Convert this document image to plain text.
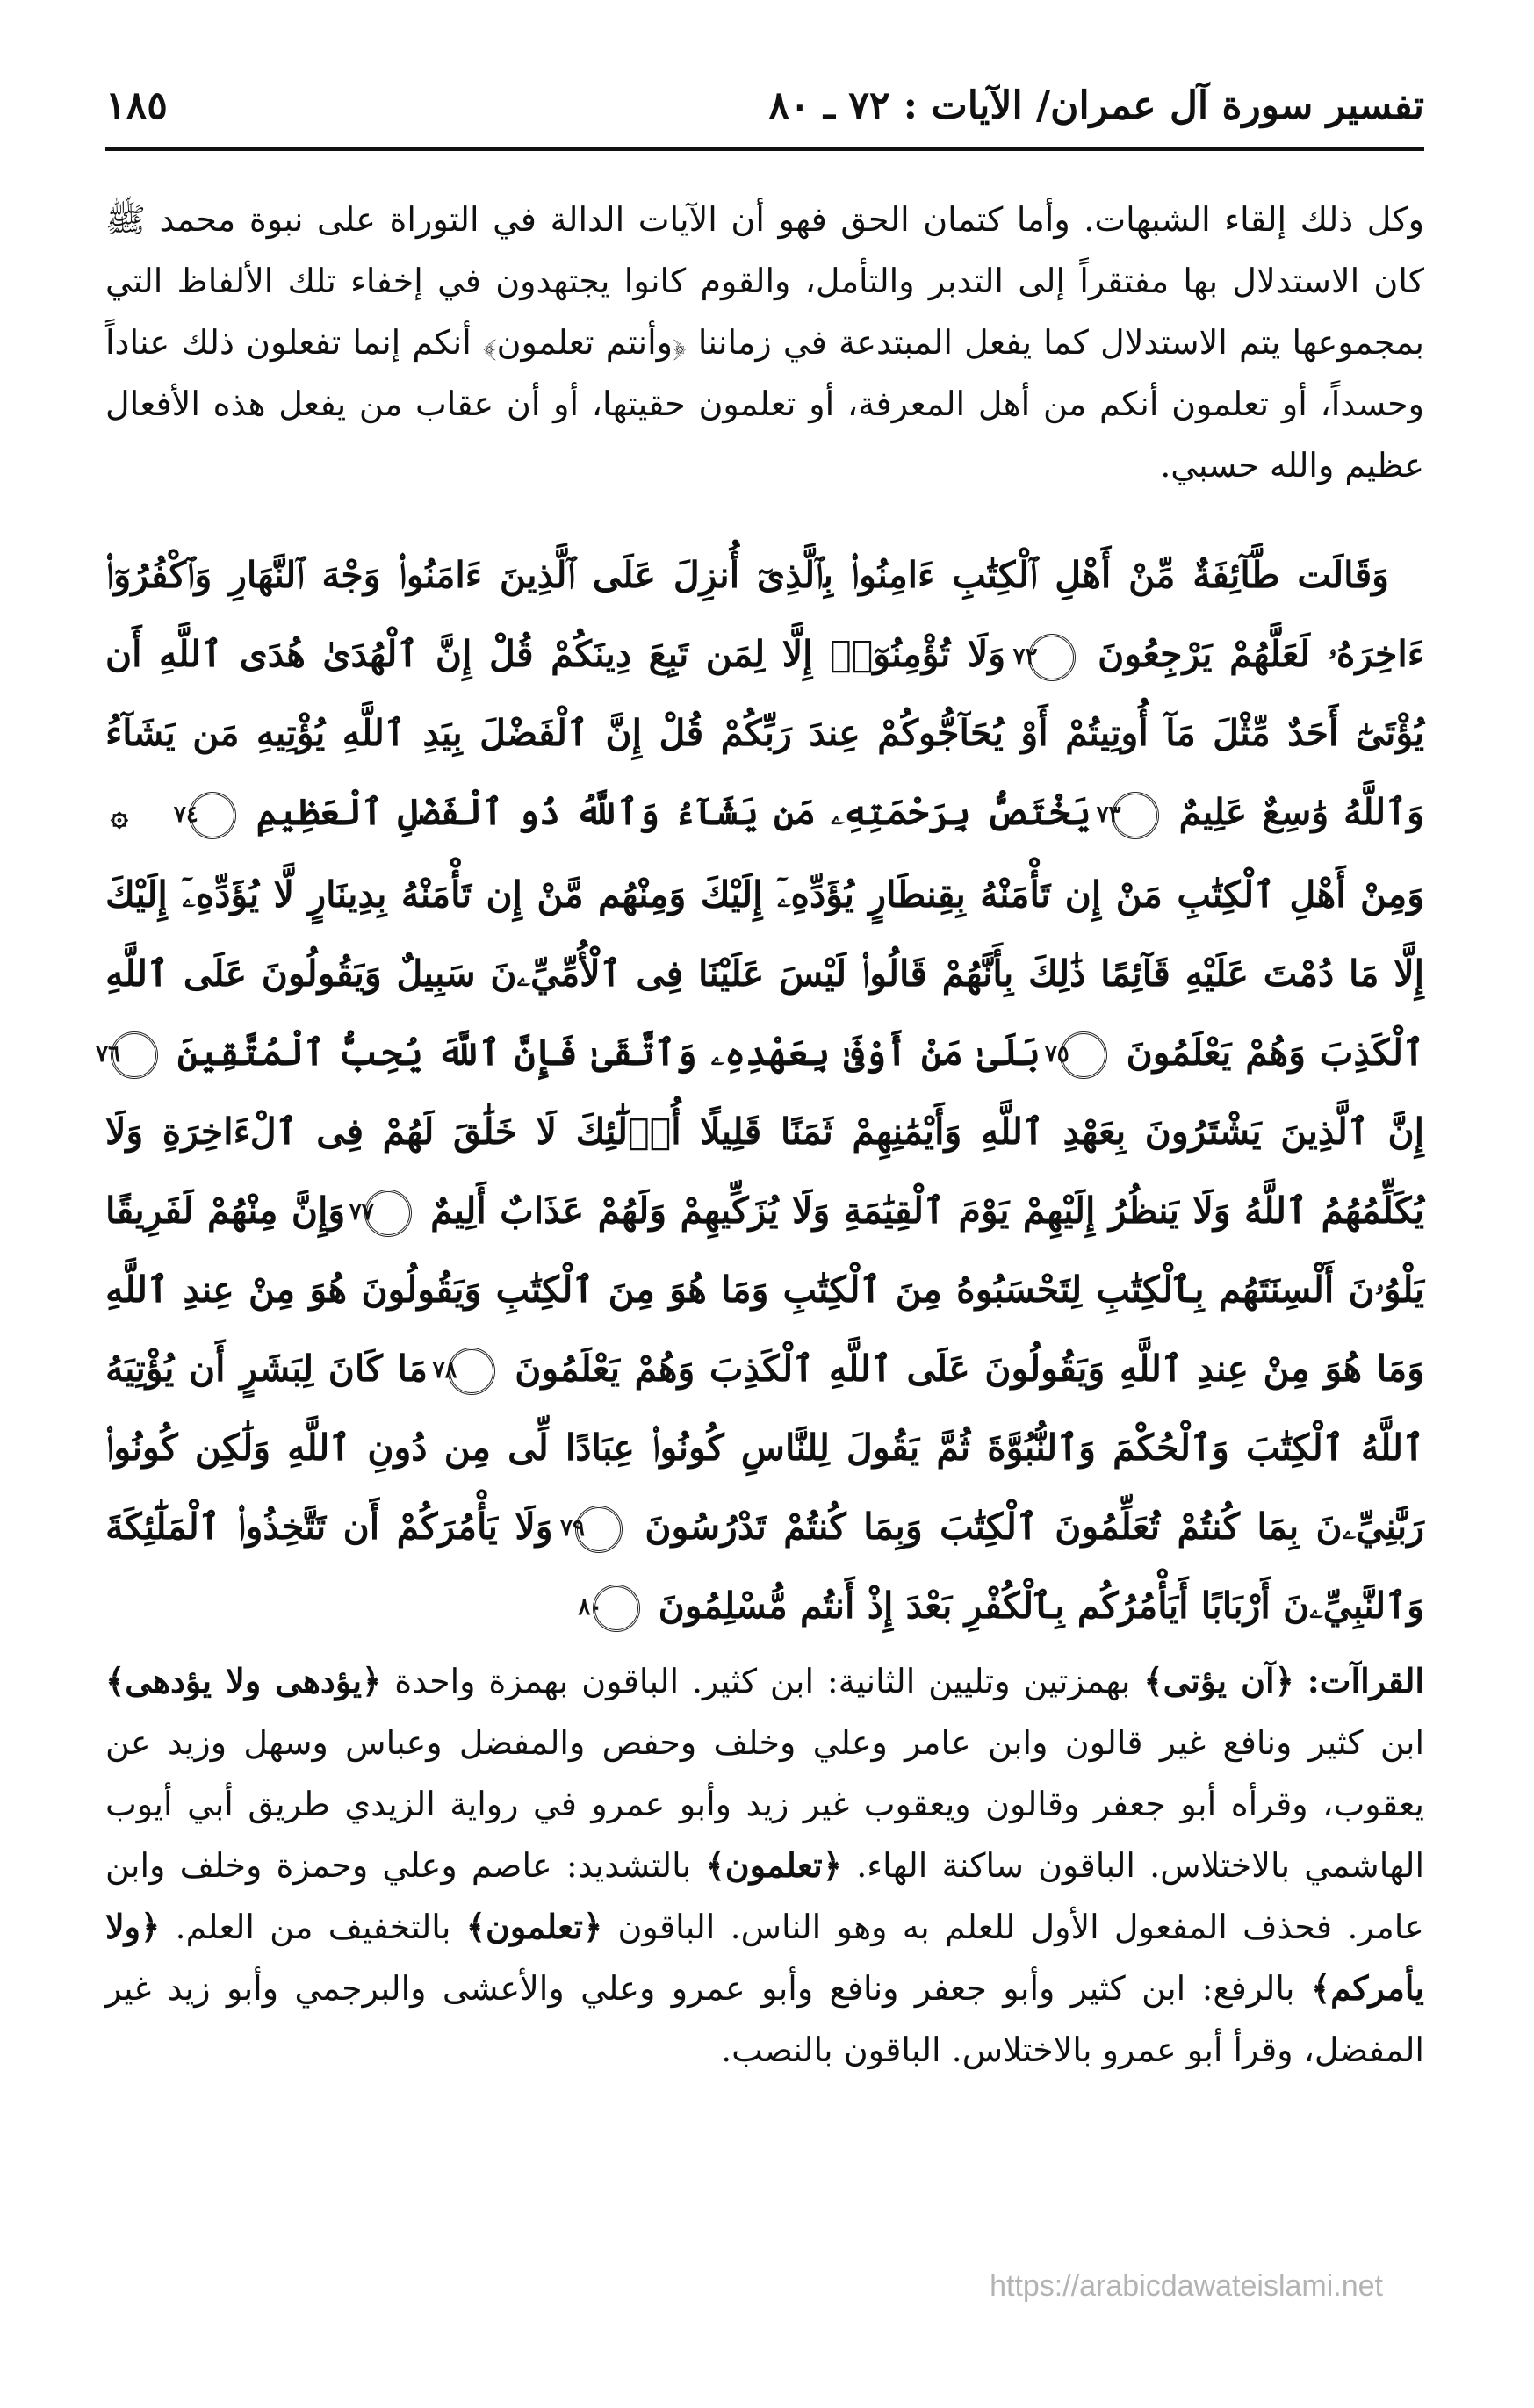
تفسير سورة آل عمران/ الآيات : ٧٢ ـ ٨٠
١٨٥

وكل ذلك إلقاء الشبهات. وأما كتمان الحق فهو أن الآيات الدالة في التوراة على نبوة محمد ﷺ كان الاستدلال بها مفتقراً إلى التدبر والتأمل، والقوم كانوا يجتهدون في إخفاء تلك الألفاظ التي بمجموعها يتم الاستدلال كما يفعل المبتدعة في زماننا ﴿وأنتم تعلمون﴾ أنكم إنما تفعلون ذلك عناداً وحسداً، أو تعلمون أنكم من أهل المعرفة، أو تعلمون حقيتها، أو أن عقاب من يفعل هذه الأفعال عظيم والله حسبي.

وَقَالَت طَّآئِفَةٌ مِّنْ أَهْلِ ٱلْكِتَٰبِ ءَامِنُوا۟ بِٱلَّذِىٓ أُنزِلَ عَلَى ٱلَّذِينَ ءَامَنُوا۟ وَجْهَ ٱلنَّهَارِ وَٱكْفُرُوٓا۟ ءَاخِرَهُۥ لَعَلَّهُمْ يَرْجِعُونَ ٧٢ وَلَا تُؤْمِنُوٓا۟ إِلَّا لِمَن تَبِعَ دِينَكُمْ قُلْ إِنَّ ٱلْهُدَىٰ هُدَى ٱللَّهِ أَن يُؤْتَىٰٓ أَحَدٌ مِّثْلَ مَآ أُوتِيتُمْ أَوْ يُحَآجُّوكُمْ عِندَ رَبِّكُمْ قُلْ إِنَّ ٱلْفَضْلَ بِيَدِ ٱللَّهِ يُؤْتِيهِ مَن يَشَآءُ وَٱللَّهُ وَٰسِعٌ عَلِيمٌ ٧٣ يَخْتَصُّ بِرَحْمَتِهِۦ مَن يَشَآءُ وَٱللَّهُ ذُو ٱلْفَضْلِ ٱلْعَظِيمِ ٧٤ ۞ وَمِنْ أَهْلِ ٱلْكِتَٰبِ مَنْ إِن تَأْمَنْهُ بِقِنطَارٍ يُؤَدِّهِۦٓ إِلَيْكَ وَمِنْهُم مَّنْ إِن تَأْمَنْهُ بِدِينَارٍ لَّا يُؤَدِّهِۦٓ إِلَيْكَ إِلَّا مَا دُمْتَ عَلَيْهِ قَآئِمًا ذَٰلِكَ بِأَنَّهُمْ قَالُوا۟ لَيْسَ عَلَيْنَا فِى ٱلْأُمِّيِّۦنَ سَبِيلٌ وَيَقُولُونَ عَلَى ٱللَّهِ ٱلْكَذِبَ وَهُمْ يَعْلَمُونَ ٧٥ بَلَىٰ مَنْ أَوْفَىٰ بِعَهْدِهِۦ وَٱتَّقَىٰ فَإِنَّ ٱللَّهَ يُحِبُّ ٱلْمُتَّقِينَ ٧٦ إِنَّ ٱلَّذِينَ يَشْتَرُونَ بِعَهْدِ ٱللَّهِ وَأَيْمَٰنِهِمْ ثَمَنًا قَلِيلًا أُو۟لَٰٓئِكَ لَا خَلَٰقَ لَهُمْ فِى ٱلْءَاخِرَةِ وَلَا يُكَلِّمُهُمُ ٱللَّهُ وَلَا يَنظُرُ إِلَيْهِمْ يَوْمَ ٱلْقِيَٰمَةِ وَلَا يُزَكِّيهِمْ وَلَهُمْ عَذَابٌ أَلِيمٌ ٧٧ وَإِنَّ مِنْهُمْ لَفَرِيقًا يَلْوُۥنَ أَلْسِنَتَهُم بِٱلْكِتَٰبِ لِتَحْسَبُوهُ مِنَ ٱلْكِتَٰبِ وَمَا هُوَ مِنَ ٱلْكِتَٰبِ وَيَقُولُونَ هُوَ مِنْ عِندِ ٱللَّهِ وَمَا هُوَ مِنْ عِندِ ٱللَّهِ وَيَقُولُونَ عَلَى ٱللَّهِ ٱلْكَذِبَ وَهُمْ يَعْلَمُونَ ٧٨ مَا كَانَ لِبَشَرٍ أَن يُؤْتِيَهُ ٱللَّهُ ٱلْكِتَٰبَ وَٱلْحُكْمَ وَٱلنُّبُوَّةَ ثُمَّ يَقُولَ لِلنَّاسِ كُونُوا۟ عِبَادًا لِّى مِن دُونِ ٱللَّهِ وَلَٰكِن كُونُوا۟ رَبَّٰنِيِّۦنَ بِمَا كُنتُمْ تُعَلِّمُونَ ٱلْكِتَٰبَ وَبِمَا كُنتُمْ تَدْرُسُونَ ٧٩ وَلَا يَأْمُرَكُمْ أَن تَتَّخِذُوا۟ ٱلْمَلَٰٓئِكَةَ وَٱلنَّبِيِّۦنَ أَرْبَابًا أَيَأْمُرُكُم بِٱلْكُفْرِ بَعْدَ إِذْ أَنتُم مُّسْلِمُونَ ٨٠

القراآت: ﴿آن يؤتى﴾ بهمزتين وتليين الثانية: ابن كثير. الباقون بهمزة واحدة ﴿يؤدهى ولا يؤدهى﴾ ابن كثير ونافع غير قالون وابن عامر وعلي وخلف وحفص والمفضل وعباس وسهل وزيد عن يعقوب، وقرأه أبو جعفر وقالون ويعقوب غير زيد وأبو عمرو في رواية الزيدي طريق أبي أيوب الهاشمي بالاختلاس. الباقون ساكنة الهاء. ﴿تعلمون﴾ بالتشديد: عاصم وعلي وحمزة وخلف وابن عامر. فحذف المفعول الأول للعلم به وهو الناس. الباقون ﴿تعلمون﴾ بالتخفيف من العلم. ﴿ولا يأمركم﴾ بالرفع: ابن كثير وأبو جعفر ونافع وأبو عمرو وعلي والأعشى والبرجمي وأبو زيد غير المفضل، وقرأ أبو عمرو بالاختلاس. الباقون بالنصب.

https://arabicdawateislami.net
